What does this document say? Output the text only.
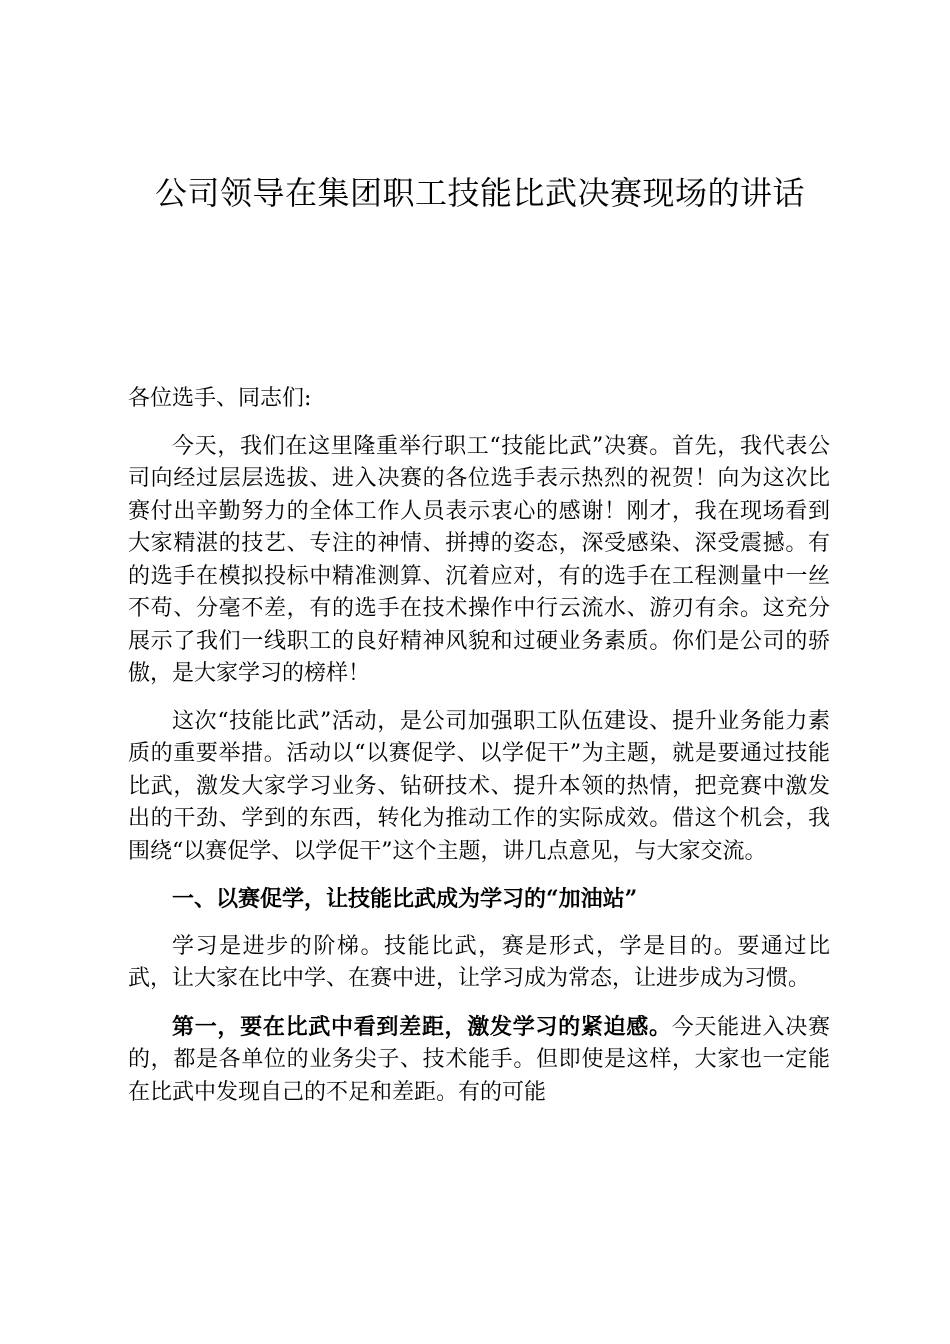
公司领导在集团职工技能比武决赛现场的讲话

各位选手、同志们:

今天，我们在这里隆重举行职工“技能比武”决赛。首先，我代表公司向经过层层选拔、进入决赛的各位选手表示热烈的祝贺！向为这次比赛付出辛勤努力的全体工作人员表示衷心的感谢！刚才，我在现场看到大家精湛的技艺、专注的神情、拼搏的姿态，深受感染、深受震撼。有的选手在模拟投标中精准测算、沉着应对，有的选手在工程测量中一丝不苟、分毫不差，有的选手在技术操作中行云流水、游刃有余。这充分展示了我们一线职工的良好精神风貌和过硬业务素质。你们是公司的骄傲，是大家学习的榜样！

这次“技能比武”活动，是公司加强职工队伍建设、提升业务能力素质的重要举措。活动以“以赛促学、以学促干”为主题，就是要通过技能比武，激发大家学习业务、钻研技术、提升本领的热情，把竞赛中激发出的干劲、学到的东西，转化为推动工作的实际成效。借这个机会，我围绕“以赛促学、以学促干”这个主题，讲几点意见，与大家交流。

一、以赛促学，让技能比武成为学习的“加油站”

学习是进步的阶梯。技能比武，赛是形式，学是目的。要通过比武，让大家在比中学、在赛中进，让学习成为常态，让进步成为习惯。

第一，要在比武中看到差距，激发学习的紧迫感。今天能进入决赛的，都是各单位的业务尖子、技术能手。但即使是这样，大家也一定能在比武中发现自己的不足和差距。有的可能
